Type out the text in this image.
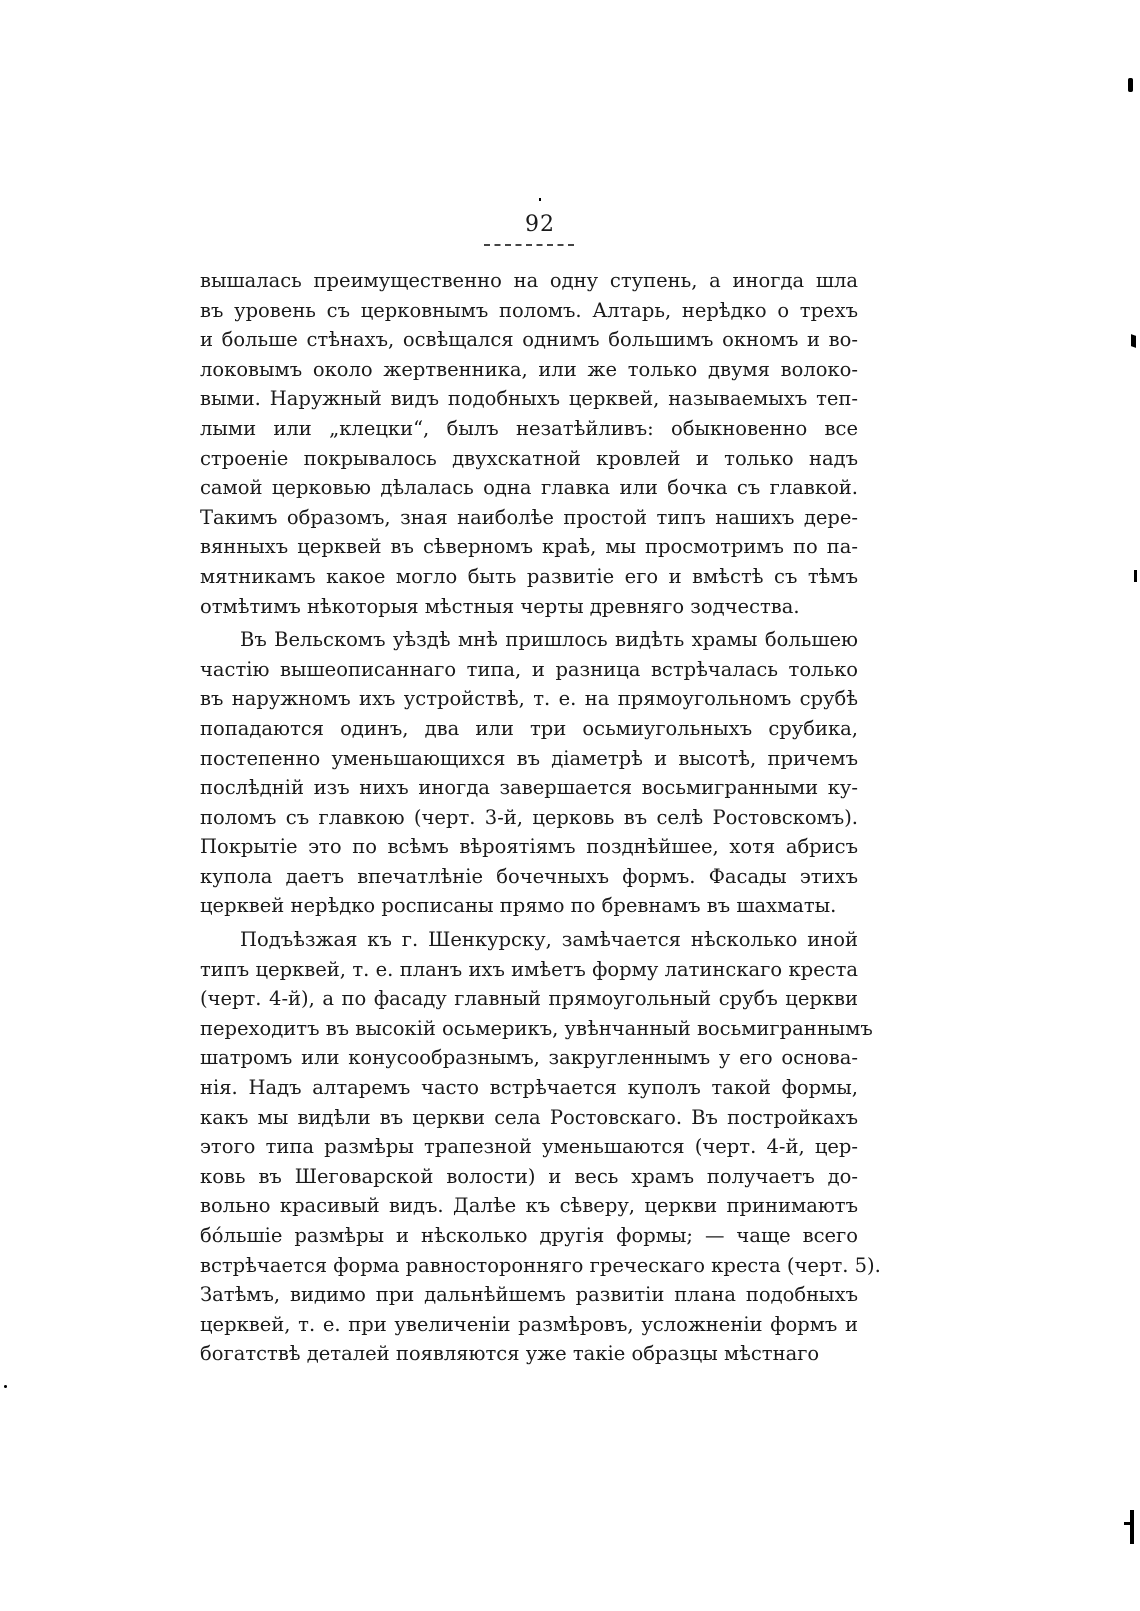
92
вышалась преимущественно на одну ступень, а иногда шла
въ уровень съ церковнымъ поломъ. Алтарь, нерѣдко о трехъ
и больше стѣнахъ, освѣщался однимъ большимъ окномъ и во-
локовымъ около жертвенника, или же только двумя волоко-
выми. Наружный видъ подобныхъ церквей, называемыхъ теп-
лыми или „клецки“, былъ незатѣйливъ: обыкновенно все
строеніе покрывалось двухскатной кровлей и только надъ
самой церковью дѣлалась одна главка или бочка съ главкой.
Такимъ образомъ, зная наиболѣе простой типъ нашихъ дере-
вянныхъ церквей въ сѣверномъ краѣ, мы просмотримъ по па-
мятникамъ какое могло быть развитіе его и вмѣстѣ съ тѣмъ
отмѣтимъ нѣкоторыя мѣстныя черты древняго зодчества.
Въ Вельскомъ уѣздѣ мнѣ пришлось видѣть храмы большею
частію вышеописаннаго типа, и разница встрѣчалась только
въ наружномъ ихъ устройствѣ, т. е. на прямоугольномъ срубѣ
попадаются одинъ, два или три осьмиугольныхъ срубика,
постепенно уменьшающихся въ діаметрѣ и высотѣ, причемъ
послѣдній изъ нихъ иногда завершается восьмигранными ку-
поломъ съ главкою (черт. 3-й, церковь въ селѣ Ростовскомъ).
Покрытіе это по всѣмъ вѣроятіямъ позднѣйшее, хотя абрисъ
купола даетъ впечатлѣніе бочечныхъ формъ. Фасады этихъ
церквей нерѣдко росписаны прямо по бревнамъ въ шахматы.
Подъѣзжая къ г. Шенкурску, замѣчается нѣсколько иной
типъ церквей, т. е. планъ ихъ имѣетъ форму латинскаго креста
(черт. 4-й), а по фасаду главный прямоугольный срубъ церкви
переходитъ въ высокій осьмерикъ, увѣнчанный восьмиграннымъ
шатромъ или конусообразнымъ, закругленнымъ у его основа-
нія. Надъ алтаремъ часто встрѣчается куполъ такой формы,
какъ мы видѣли въ церкви села Ростовскаго. Въ постройкахъ
этого типа размѣры трапезной уменьшаются (черт. 4-й, цер-
ковь въ Шеговарской волости) и весь храмъ получаетъ до-
вольно красивый видъ. Далѣе къ сѣверу, церкви принимаютъ
бо́льшіе размѣры и нѣсколько другія формы; — чаще всего
встрѣчается форма равносторонняго греческаго креста (черт. 5).
Затѣмъ, видимо при дальнѣйшемъ развитіи плана подобныхъ
церквей, т. е. при увеличеніи размѣровъ, усложненіи формъ и
богатствѣ деталей появляются уже такіе образцы мѣстнаго
